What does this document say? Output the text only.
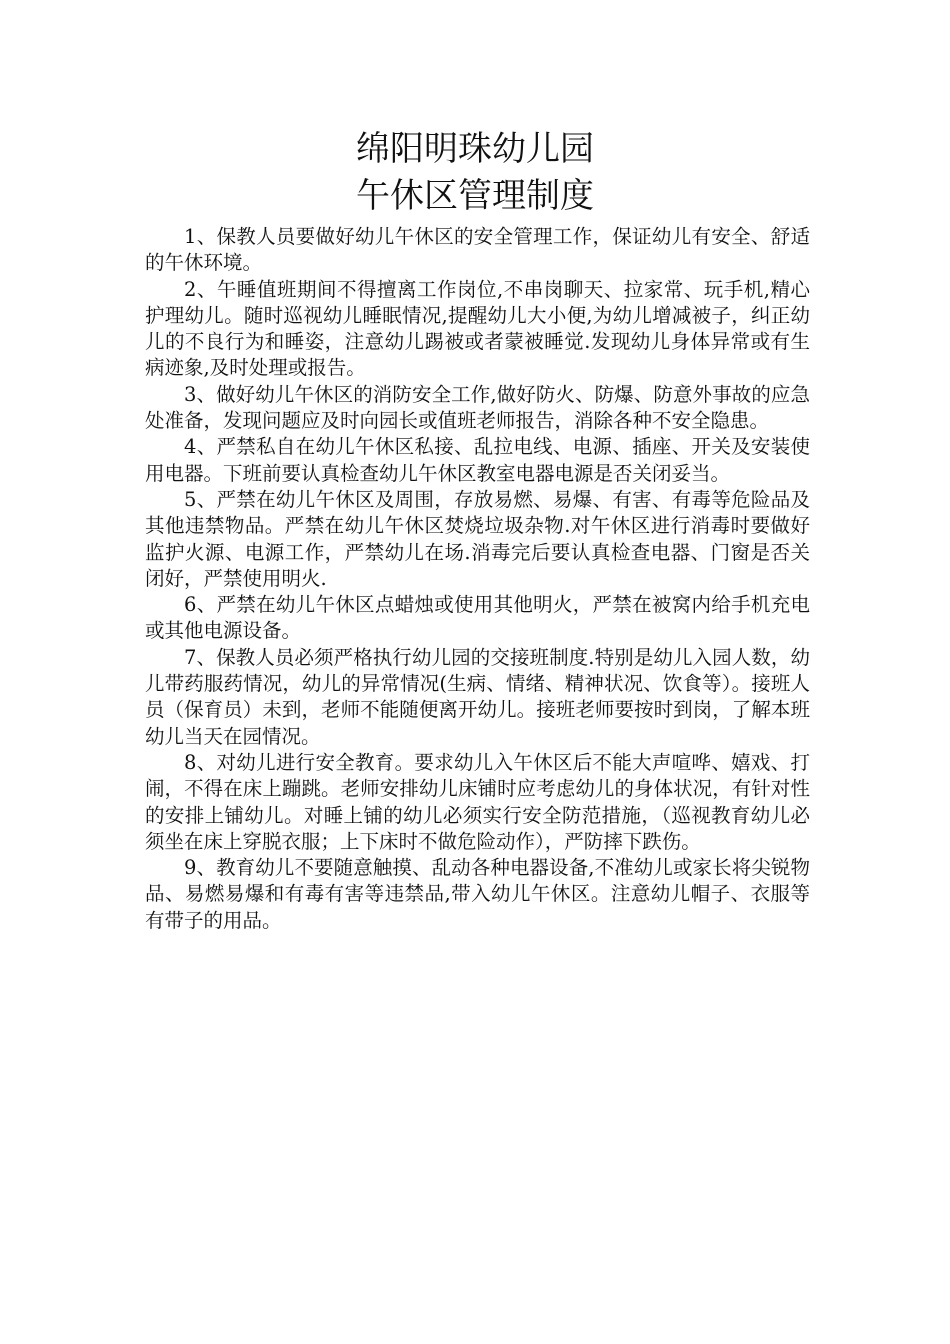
绵阳明珠幼儿园
午休区管理制度

1、保教人员要做好幼儿午休区的安全管理工作，保证幼儿有安全、舒适的午休环境。

2、午睡值班期间不得擅离工作岗位,不串岗聊天、拉家常、玩手机,精心护理幼儿。随时巡视幼儿睡眠情况,提醒幼儿大小便,为幼儿增减被子，纠正幼儿的不良行为和睡姿，注意幼儿踢被或者蒙被睡觉.发现幼儿身体异常或有生病迹象,及时处理或报告。

3、做好幼儿午休区的消防安全工作,做好防火、防爆、防意外事故的应急处准备，发现问题应及时向园长或值班老师报告，消除各种不安全隐患。

4、严禁私自在幼儿午休区私接、乱拉电线、电源、插座、开关及安装使用电器。下班前要认真检查幼儿午休区教室电器电源是否关闭妥当。

5、严禁在幼儿午休区及周围，存放易燃、易爆、有害、有毒等危险品及其他违禁物品。严禁在幼儿午休区焚烧垃圾杂物.对午休区进行消毒时要做好监护火源、电源工作，严禁幼儿在场.消毒完后要认真检查电器、门窗是否关闭好，严禁使用明火.

6、严禁在幼儿午休区点蜡烛或使用其他明火，严禁在被窝内给手机充电或其他电源设备。

7、保教人员必须严格执行幼儿园的交接班制度.特别是幼儿入园人数，幼儿带药服药情况，幼儿的异常情况(生病、情绪、精神状况、饮食等）。接班人员（保育员）未到，老师不能随便离开幼儿。接班老师要按时到岗，了解本班幼儿当天在园情况。

8、对幼儿进行安全教育。要求幼儿入午休区后不能大声喧哗、嬉戏、打闹，不得在床上蹦跳。老师安排幼儿床铺时应考虑幼儿的身体状况，有针对性的安排上铺幼儿。对睡上铺的幼儿必须实行安全防范措施，（巡视教育幼儿必须坐在床上穿脱衣服；上下床时不做危险动作），严防摔下跌伤。

9、教育幼儿不要随意触摸、乱动各种电器设备,不准幼儿或家长将尖锐物品、易燃易爆和有毒有害等违禁品,带入幼儿午休区。注意幼儿帽子、衣服等有带子的用品。
